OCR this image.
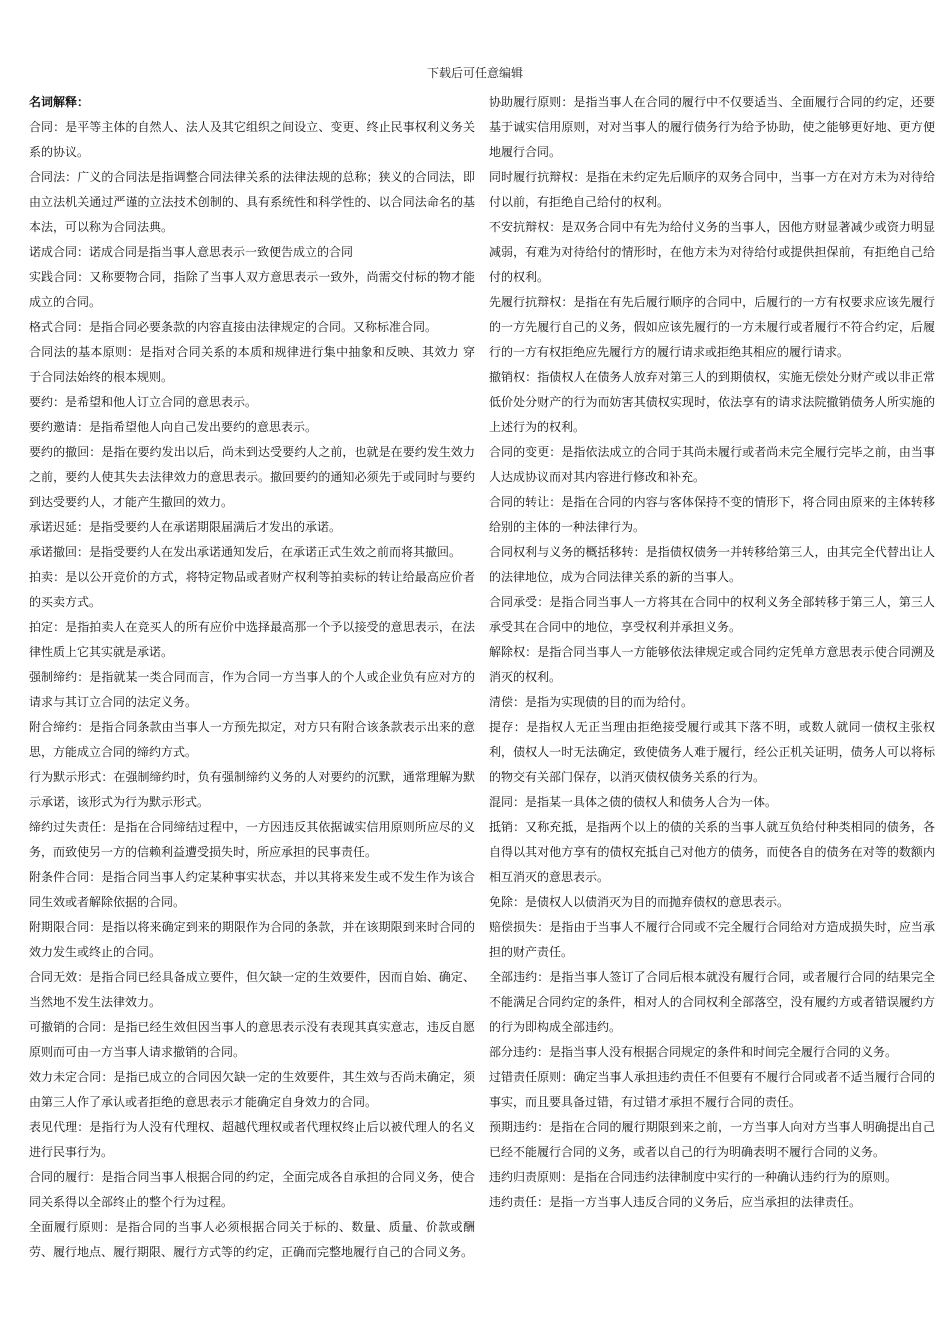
下载后可任意编辑

名词解释：

合同：是平等主体的自然人、法人及其它组织之间设立、变更、终止民事权利义务关系的协议。

合同法：广义的合同法是指调整合同法律关系的法律法规的总称；狭义的合同法，即由立法机关通过严谨的立法技术创制的、具有系统性和科学性的、以合同法命名的基本法，可以称为合同法典。

诺成合同：诺成合同是指当事人意思表示一致便告成立的合同

实践合同：又称要物合同，指除了当事人双方意思表示一致外，尚需交付标的物才能成立的合同。

格式合同：是指合同必要条款的内容直接由法律规定的合同。又称标准合同。

合同法的基本原则：是指对合同关系的本质和规律进行集中抽象和反映、其效力 穿于合同法始终的根本规则。

要约：是希望和他人订立合同的意思表示。

要约邀请：是指希望他人向自己发出要约的意思表示。

要约的撤回：是指在要约发出以后，尚未到达受要约人之前，也就是在要约发生效力之前，要约人使其失去法律效力的意思表示。撤回要约的通知必须先于或同时与要约到达受要约人，才能产生撤回的效力。

承诺迟延：是指受要约人在承诺期限届满后才发出的承诺。

承诺撤回：是指受要约人在发出承诺通知发后，在承诺正式生效之前而将其撤回。

拍卖：是以公开竞价的方式，将特定物品或者财产权利等拍卖标的转让给最高应价者的买卖方式。

拍定：是指拍卖人在竞买人的所有应价中选择最高那一个予以接受的意思表示，在法律性质上它其实就是承诺。

强制缔约：是指就某一类合同而言，作为合同一方当事人的个人或企业负有应对方的请求与其订立合同的法定义务。

附合缔约：是指合同条款由当事人一方预先拟定，对方只有附合该条款表示出来的意思，方能成立合同的缔约方式。

行为默示形式：在强制缔约时，负有强制缔约义务的人对要约的沉默，通常理解为默示承诺，该形式为行为默示形式。

缔约过失责任：是指在合同缔结过程中，一方因违反其依据诚实信用原则所应尽的义务，而致使另一方的信赖利益遭受损失时，所应承担的民事责任。

附条件合同：是指合同当事人约定某种事实状态，并以其将来发生或不发生作为该合同生效或者解除依据的合同。

附期限合同：是指以将来确定到来的期限作为合同的条款，并在该期限到来时合同的效力发生或终止的合同。

合同无效：是指合同已经具备成立要件，但欠缺一定的生效要件，因而自始、确定、当然地不发生法律效力。

可撤销的合同：是指已经生效但因当事人的意思表示没有表现其真实意志，违反自愿原则而可由一方当事人请求撤销的合同。

效力未定合同：是指已成立的合同因欠缺一定的生效要件，其生效与否尚未确定，须由第三人作了承认或者拒绝的意思表示才能确定自身效力的合同。

表见代理：是指行为人没有代理权、超越代理权或者代理权终止后以被代理人的名义进行民事行为。

合同的履行：是指合同当事人根据合同的约定，全面完成各自承担的合同义务，使合同关系得以全部终止的整个行为过程。

全面履行原则：是指合同的当事人必须根据合同关于标的、数量、质量、价款或酬劳、履行地点、履行期限、履行方式等的约定，正确而完整地履行自己的合同义务。

协助履行原则：是指当事人在合同的履行中不仅要适当、全面履行合同的约定，还要基于诚实信用原则，对对当事人的履行债务行为给予协助，使之能够更好地、更方便地履行合同。

同时履行抗辩权：是指在未约定先后顺序的双务合同中，当事一方在对方未为对待给付以前，有拒绝自己给付的权利。

不安抗辩权：是双务合同中有先为给付义务的当事人，因他方财显著减少或资力明显减弱，有难为对待给付的情形时，在他方未为对待给付或提供担保前，有拒绝自己给付的权利。

先履行抗辩权：是指在有先后履行顺序的合同中，后履行的一方有权要求应该先履行的一方先履行自己的义务，假如应该先履行的一方未履行或者履行不符合约定，后履行的一方有权拒绝应先履行方的履行请求或拒绝其相应的履行请求。

撤销权：指债权人在债务人放弃对第三人的到期债权，实施无偿处分财产或以非正常低价处分财产的行为而妨害其债权实现时，依法享有的请求法院撤销债务人所实施的上述行为的权利。

合同的变更：是指依法成立的合同于其尚未履行或者尚未完全履行完毕之前，由当事人达成协议而对其内容进行修改和补充。

合同的转让：是指在合同的内容与客体保持不变的情形下，将合同由原来的主体转移给别的主体的一种法律行为。

合同权利与义务的概括移转：是指债权债务一并转移给第三人，由其完全代替出让人的法律地位，成为合同法律关系的新的当事人。

合同承受：是指合同当事人一方将其在合同中的权利义务全部转移于第三人，第三人承受其在合同中的地位，享受权利并承担义务。

解除权：是指合同当事人一方能够依法律规定或合同约定凭单方意思表示使合同溯及消灭的权利。

清偿：是指为实现债的目的而为给付。

提存：是指权人无正当理由拒绝接受履行或其下落不明，或数人就同一债权主张权利，债权人一时无法确定，致使债务人难于履行，经公正机关证明，债务人可以将标的物交有关部门保存，以消灭债权债务关系的行为。

混同：是指某一具体之债的债权人和债务人合为一体。

抵销：又称充抵，是指两个以上的债的关系的当事人就互负给付种类相同的债务，各自得以其对他方享有的债权充抵自己对他方的债务，而使各自的债务在对等的数额内相互消灭的意思表示。

免除：是债权人以债消灭为目的而抛弃债权的意思表示。

赔偿损失：是指由于当事人不履行合同或不完全履行合同给对方造成损失时，应当承担的财产责任。

全部违约：是指当事人签订了合同后根本就没有履行合同，或者履行合同的结果完全不能满足合同约定的条件，相对人的合同权利全部落空，没有履约方或者错误履约方的行为即构成全部违约。

部分违约：是指当事人没有根据合同规定的条件和时间完全履行合同的义务。

过错责任原则：确定当事人承担违约责任不但要有不履行合同或者不适当履行合同的事实，而且要具备过错，有过错才承担不履行合同的责任。

预期违约：是指在合同的履行期限到来之前，一方当事人向对方当事人明确提出自己已经不能履行合同的义务，或者以自己的行为明确表明不履行合同的义务。

违约归责原则：是指在合同违约法律制度中实行的一种确认违约行为的原则。

违约责任：是指一方当事人违反合同的义务后，应当承担的法律责任。
